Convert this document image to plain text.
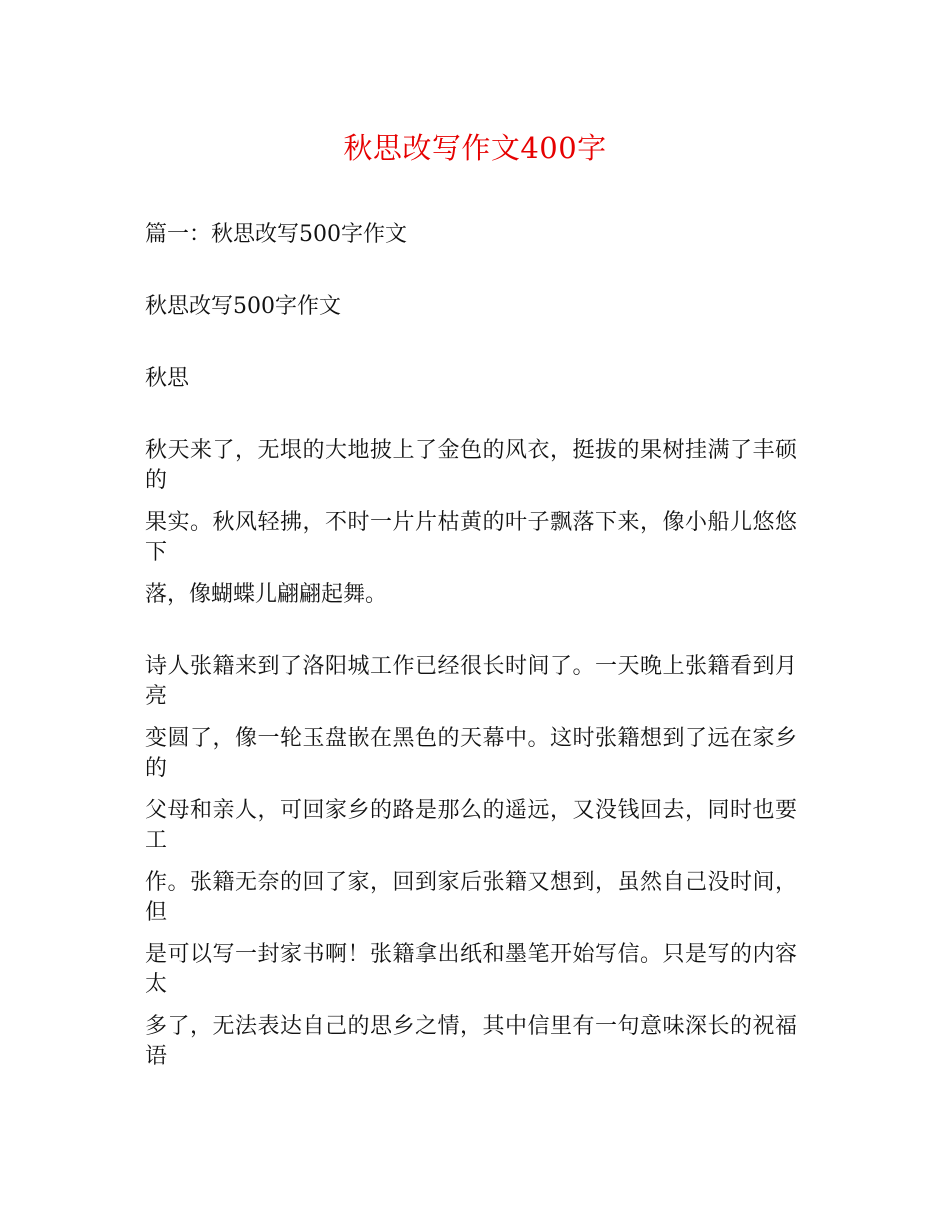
秋思改写作文400字

篇一：秋思改写500字作文

秋思改写500字作文

秋思

秋天来了，无垠的大地披上了金色的风衣，挺拔的果树挂满了丰硕的

果实。秋风轻拂，不时一片片枯黄的叶子飘落下来，像小船儿悠悠下

落，像蝴蝶儿翩翩起舞。

诗人张籍来到了洛阳城工作已经很长时间了。一天晚上张籍看到月亮

变圆了，像一轮玉盘嵌在黑色的天幕中。这时张籍想到了远在家乡的

父母和亲人，可回家乡的路是那么的遥远，又没钱回去，同时也要工

作。张籍无奈的回了家，回到家后张籍又想到，虽然自己没时间，但

是可以写一封家书啊！张籍拿出纸和墨笔开始写信。只是写的内容太

多了，无法表达自己的思乡之情，其中信里有一句意味深长的祝福语
